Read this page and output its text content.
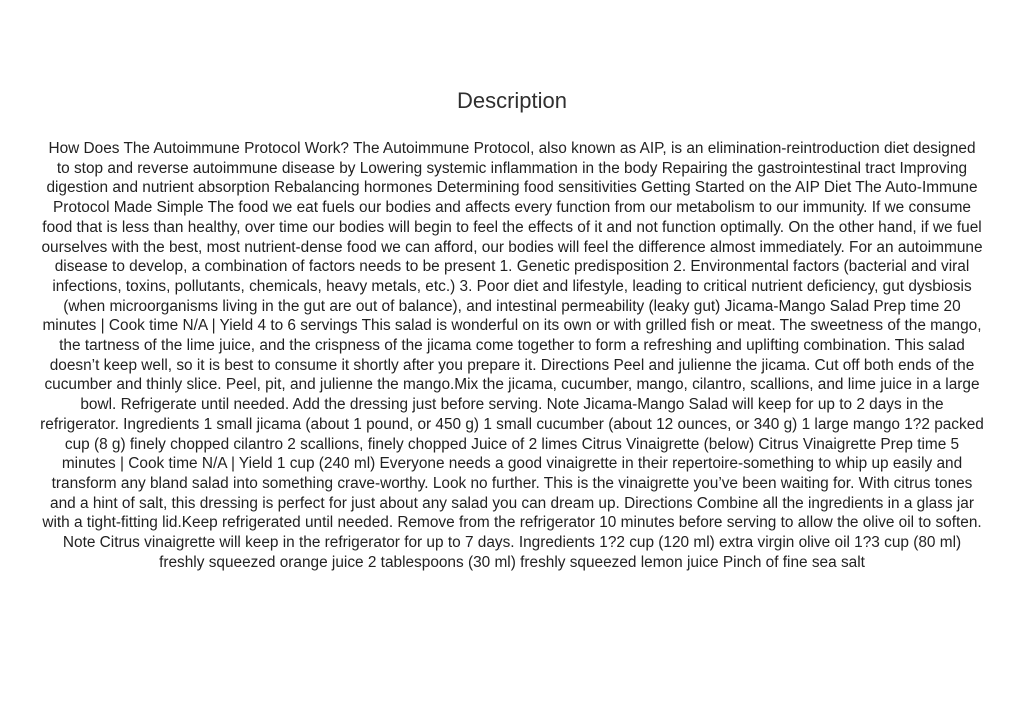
Description

How Does The Autoimmune Protocol Work? The Autoimmune Protocol, also known as AIP, is an elimination-reintroduction diet designed to stop and reverse autoimmune disease by Lowering systemic inflammation in the body Repairing the gastrointestinal tract Improving digestion and nutrient absorption Rebalancing hormones Determining food sensitivities Getting Started on the AIP Diet The Auto-Immune Protocol Made Simple The food we eat fuels our bodies and affects every function from our metabolism to our immunity. If we consume food that is less than healthy, over time our bodies will begin to feel the effects of it and not function optimally. On the other hand, if we fuel ourselves with the best, most nutrient-dense food we can afford, our bodies will feel the difference almost immediately. For an autoimmune disease to develop, a combination of factors needs to be present 1. Genetic predisposition 2. Environmental factors (bacterial and viral infections, toxins, pollutants, chemicals, heavy metals, etc.) 3. Poor diet and lifestyle, leading to critical nutrient deficiency, gut dysbiosis (when microorganisms living in the gut are out of balance), and intestinal permeability (leaky gut) Jicama-Mango Salad Prep time 20 minutes | Cook time N/A | Yield 4 to 6 servings This salad is wonderful on its own or with grilled fish or meat. The sweetness of the mango, the tartness of the lime juice, and the crispness of the jicama come together to form a refreshing and uplifting combination. This salad doesn’t keep well, so it is best to consume it shortly after you prepare it. Directions Peel and julienne the jicama. Cut off both ends of the cucumber and thinly slice. Peel, pit, and julienne the mango.Mix the jicama, cucumber, mango, cilantro, scallions, and lime juice in a large bowl. Refrigerate until needed. Add the dressing just before serving. Note Jicama-Mango Salad will keep for up to 2 days in the refrigerator. Ingredients 1 small jicama (about 1 pound, or 450 g) 1 small cucumber (about 12 ounces, or 340 g) 1 large mango 1?2 packed cup (8 g) finely chopped cilantro 2 scallions, finely chopped Juice of 2 limes Citrus Vinaigrette (below) Citrus Vinaigrette Prep time 5 minutes | Cook time N/A | Yield 1 cup (240 ml) Everyone needs a good vinaigrette in their repertoire-something to whip up easily and transform any bland salad into something crave-worthy. Look no further. This is the vinaigrette you’ve been waiting for. With citrus tones and a hint of salt, this dressing is perfect for just about any salad you can dream up. Directions Combine all the ingredients in a glass jar with a tight-fitting lid.Keep refrigerated until needed. Remove from the refrigerator 10 minutes before serving to allow the olive oil to soften. Note Citrus vinaigrette will keep in the refrigerator for up to 7 days. Ingredients 1?2 cup (120 ml) extra virgin olive oil 1?3 cup (80 ml) freshly squeezed orange juice 2 tablespoons (30 ml) freshly squeezed lemon juice Pinch of fine sea salt
